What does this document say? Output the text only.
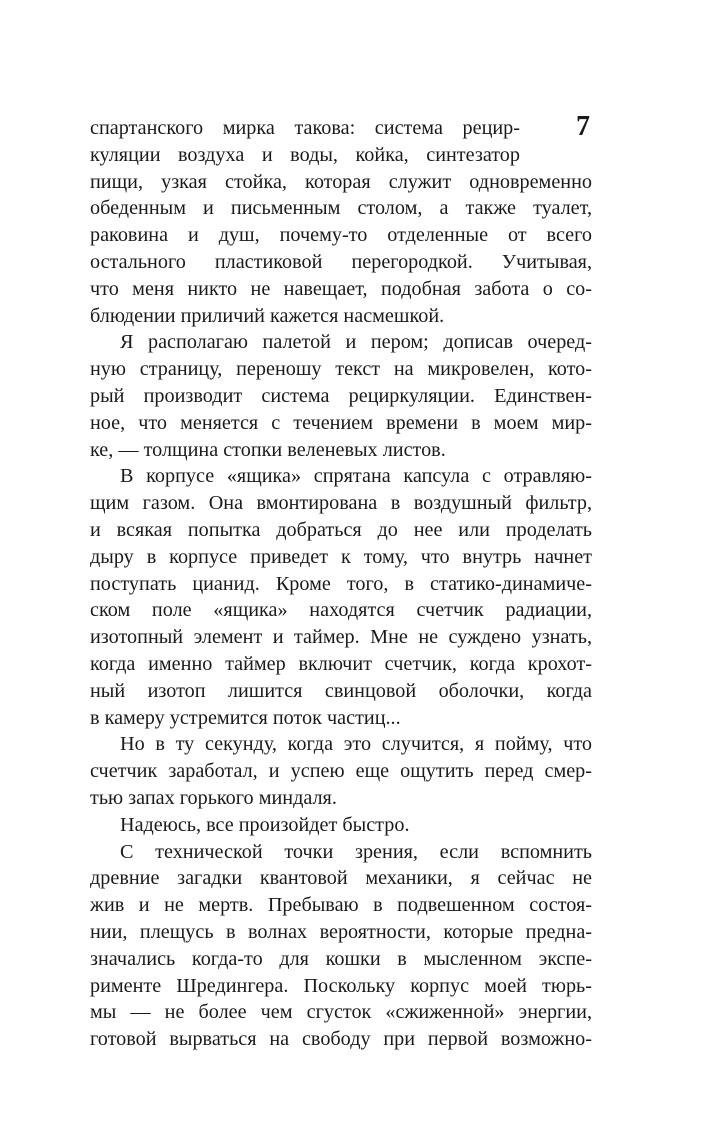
7
спартанского мирка такова: система рецир-
куляции воздуха и воды, койка, синтезатор
пищи, узкая стойка, которая служит одновременно
обеденным и письменным столом, а также туалет,
раковина и душ, почему-то отделенные от всего
остального пластиковой перегородкой. Учитывая,
что меня никто не навещает, подобная забота о со-
блюдении приличий кажется насмешкой.
Я располагаю палетой и пером; дописав очеред-
ную страницу, переношу текст на микровелен, кото-
рый производит система рециркуляции. Единствен-
ное, что меняется с течением времени в моем мир-
ке, — толщина стопки веленевых листов.
В корпусе «ящика» спрятана капсула с отравляю-
щим газом. Она вмонтирована в воздушный фильтр,
и всякая попытка добраться до нее или проделать
дыру в корпусе приведет к тому, что внутрь начнет
поступать цианид. Кроме того, в статико-динамиче-
ском поле «ящика» находятся счетчик радиации,
изотопный элемент и таймер. Мне не суждено узнать,
когда именно таймер включит счетчик, когда крохот-
ный изотоп лишится свинцовой оболочки, когда
в камеру устремится поток частиц...
Но в ту секунду, когда это случится, я пойму, что
счетчик заработал, и успею еще ощутить перед смер-
тью запах горького миндаля.
Надеюсь, все произойдет быстро.
С технической точки зрения, если вспомнить
древние загадки квантовой механики, я сейчас не
жив и не мертв. Пребываю в подвешенном состоя-
нии, плещусь в волнах вероятности, которые предна-
значались когда-то для кошки в мысленном экспе-
рименте Шредингера. Поскольку корпус моей тюрь-
мы — не более чем сгусток «сжиженной» энергии,
готовой вырваться на свободу при первой возможно-
